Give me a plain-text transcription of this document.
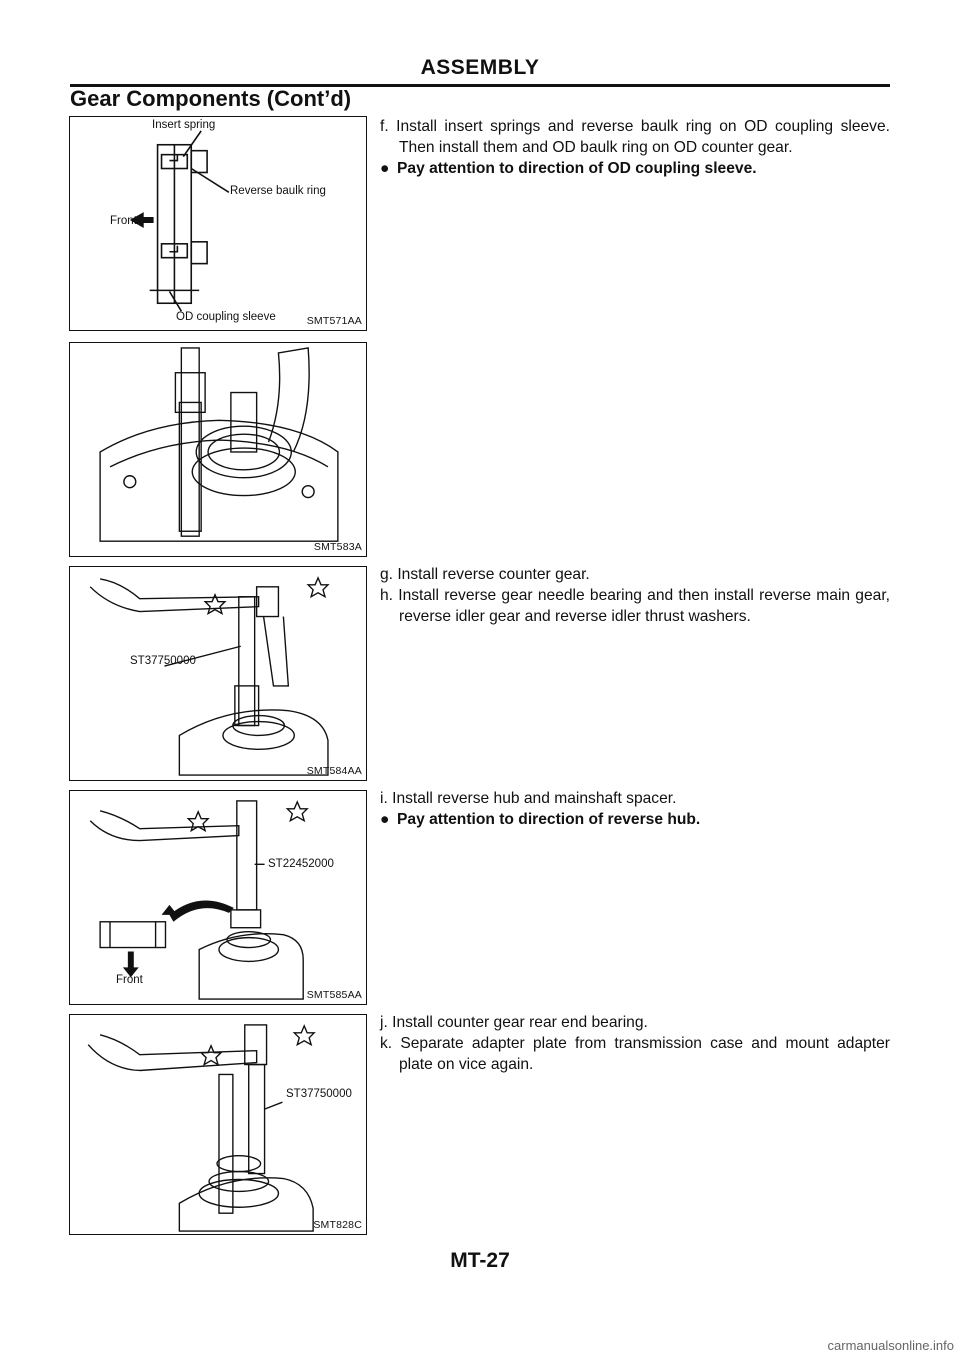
ASSEMBLY
Gear Components (Cont’d)
Insert spring
Reverse baulk ring
Front
OD coupling sleeve	SMT571AA
SMT583A
ST37750000
SMT584AA
ST22452000
Front
SMT585AA
ST37750000
SMT828C
f. Install insert springs and reverse baulk ring on OD coupling sleeve. Then install them and OD baulk ring on OD counter gear.
● Pay attention to direction of OD coupling sleeve.
g. Install reverse counter gear.
h. Install reverse gear needle bearing and then install reverse main gear, reverse idler gear and reverse idler thrust washers.
i. Install reverse hub and mainshaft spacer.
● Pay attention to direction of reverse hub.
j. Install counter gear rear end bearing.
k. Separate adapter plate from transmission case and mount adapter plate on vice again.
MT-27
carmanualsonline.info
